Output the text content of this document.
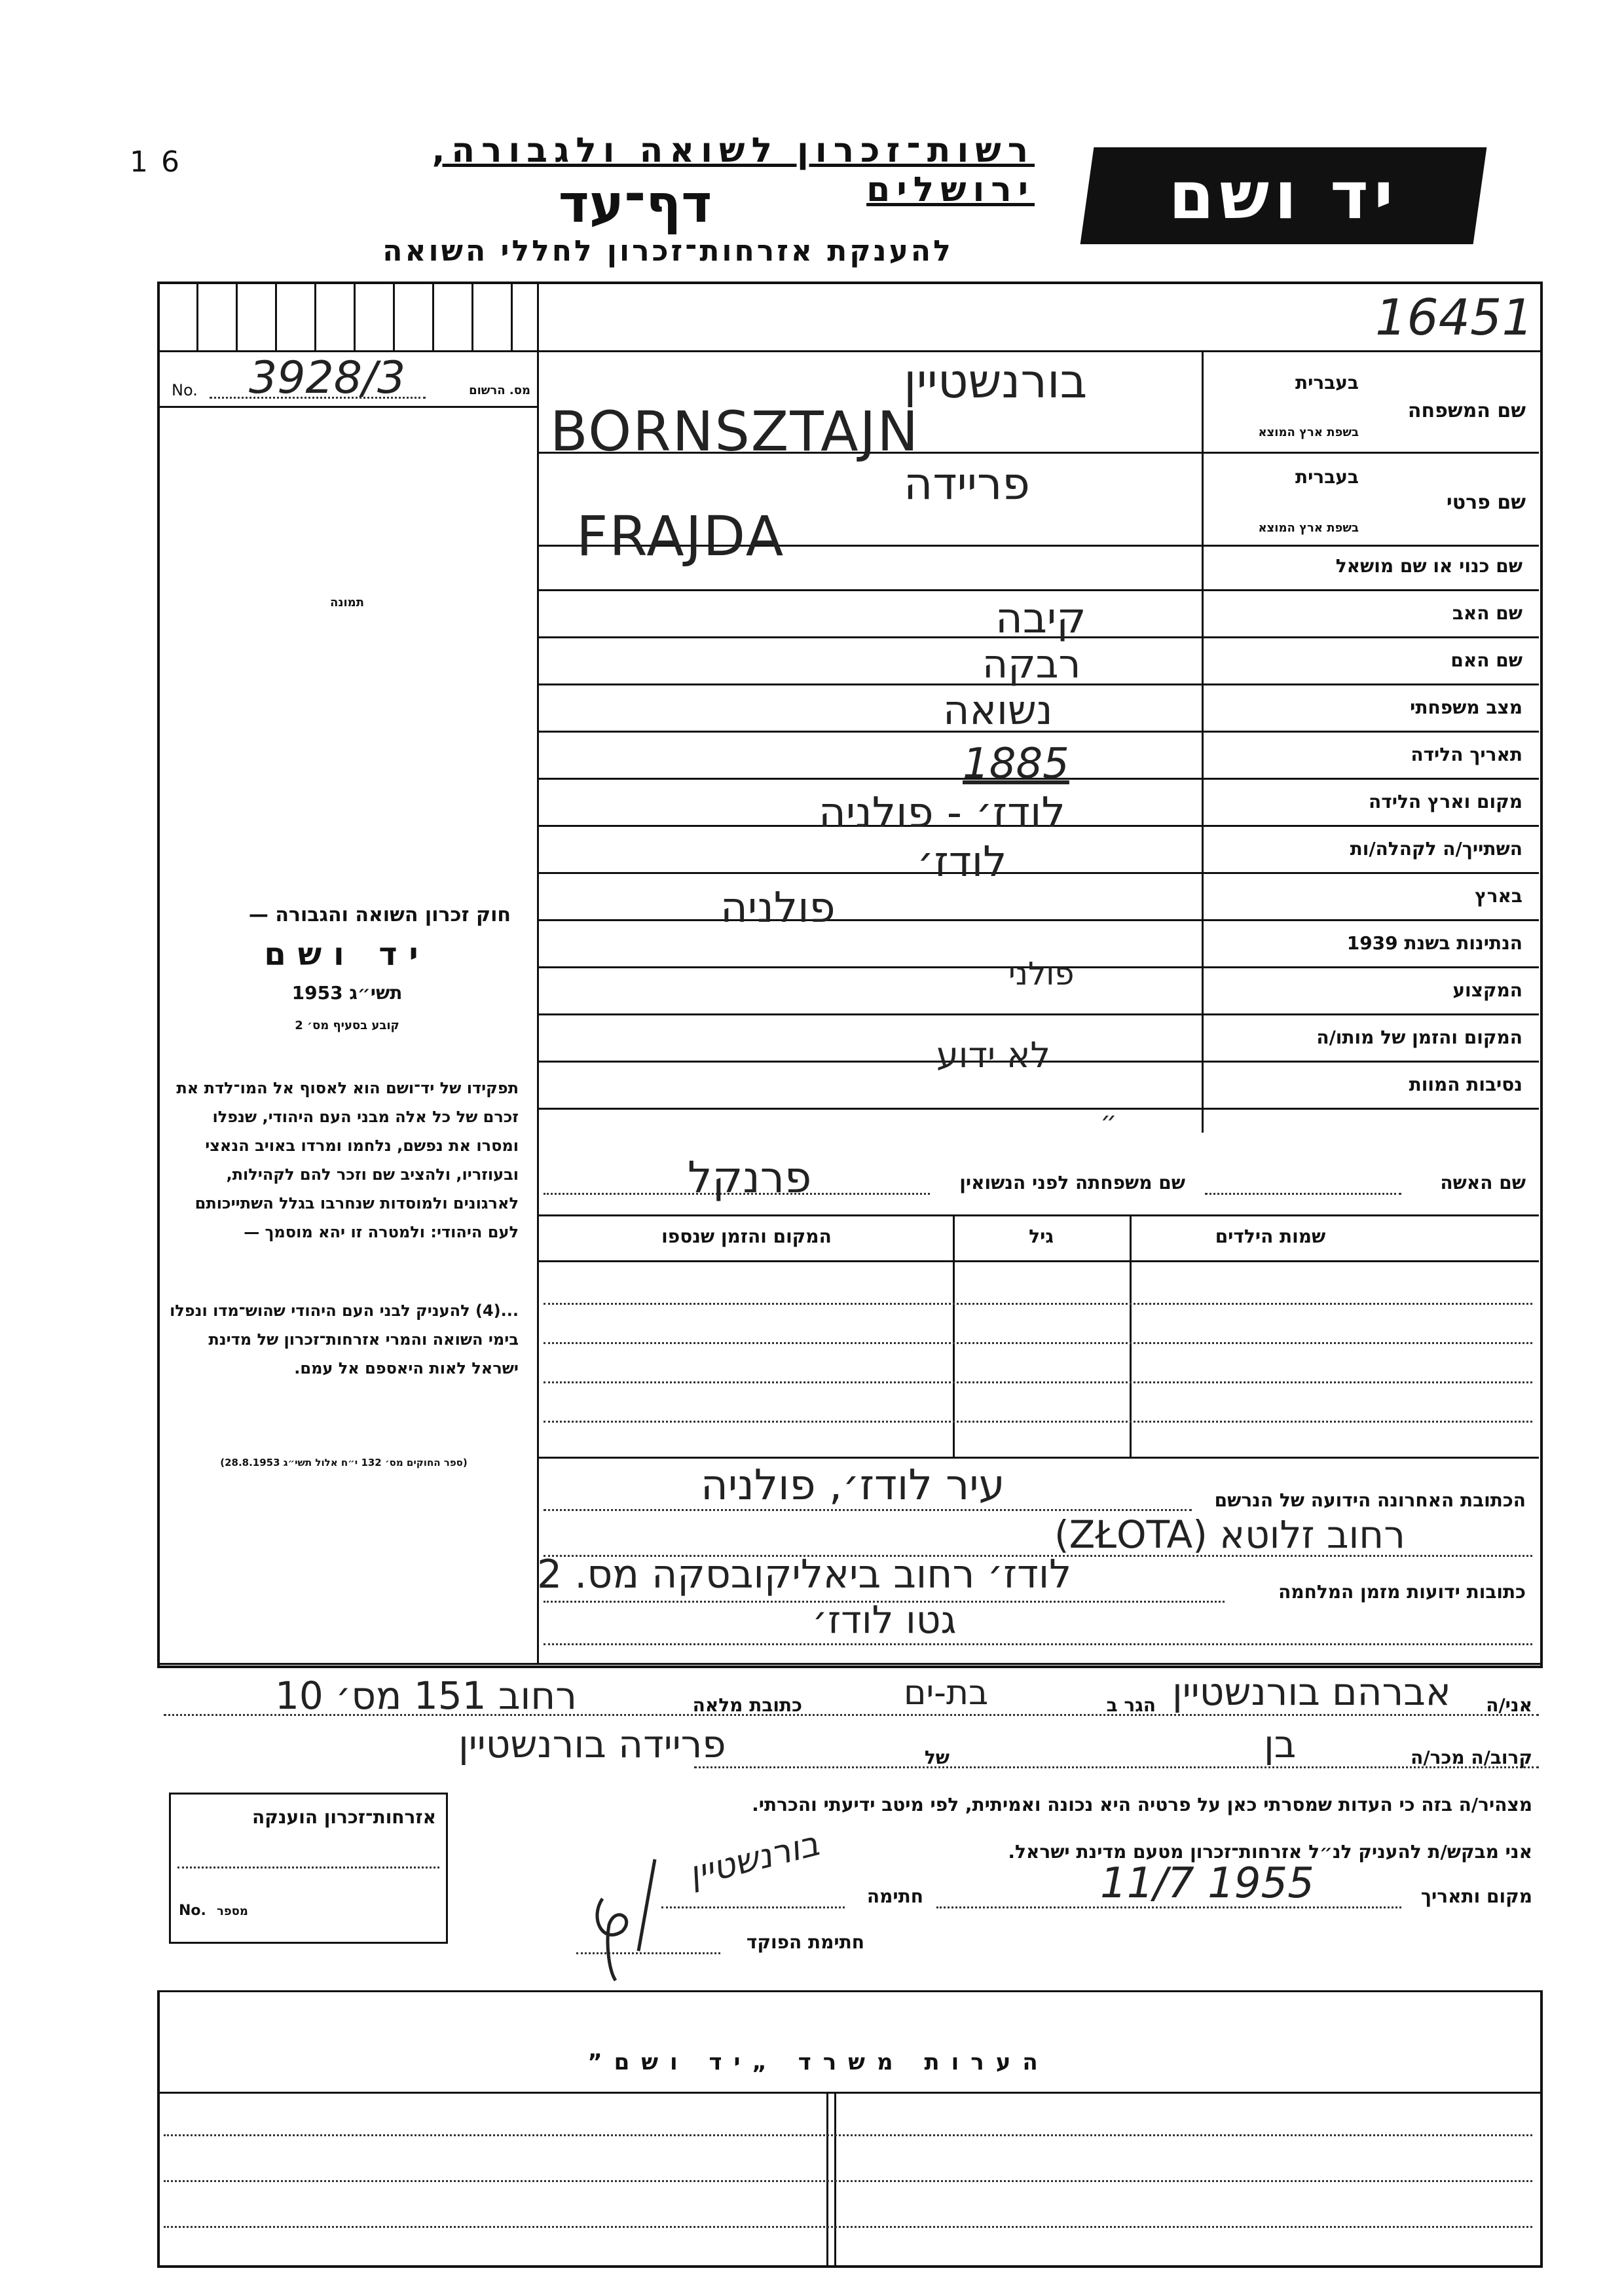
16	רשות־זכרון לשואה ולגבורה, ירושלים
דף־עד
להענקת אזרחות־זכרון לחללי השואה
יד ושם
16451
No. 3928/3	מס. הרשום
תמונה
בעברית
שם המשפחה
בשפת ארץ המוצא
בעברית
שם פרטי
בשפת ארץ המוצא
שם כנוי או שם מושאל
שם האב
שם האם
מצב משפחתי
תאריך הלידה
מקום וארץ הלידה
השתייך/ה לקהלה/ות
בארץ
הנתינות בשנת 1939
המקצוע
המקום והזמן של מותו/ה
נסיבות המוות
בורנשטיין
BORNSZTAJN
פריידה
FRAJDA
קיבה
רבקה
נשואה
1885
לודז׳ - פולניה
לודז׳
פולניה
פולני
לא ידוע
״
שם האשה
שם משפחתה לפני הנשואין
פרנקל
שמות הילדים
גיל
המקום והזמן שנספו
הכתובת האחרונה הידועה של הנרשם
עיר לודז׳, פולניה
רחוב זלוטא (ZŁOTA)
כתובות ידועות מזמן המלחמה
לודז׳ רחוב ביאליקובסקה מס. 2
גטו לודז׳
חוק זכרון השואה והגבורה —
יד ושם
תשי״ג 1953
קובע בסעיף מס׳ 2
תפקידו של יד־ושם הוא לאסוף אל המו־לדת את זכרם של כל אלה מבני העם היהודי, שנפלו ומסרו את נפשם, נלחמו ומרדו באויב הנאצי ובעוזריו, ולהציב שם וזכר להם לקהילות, לארגונים ולמוסדות שנחרבו בגלל השתייכותם לעם היהודי: ולמטרה זו יהא מוסמך —
...(4) להעניק לבני העם היהודי שהוש־מדו ונפלו בימי השואה והמרי אזרחות־זכרון של מדינת ישראל לאות היאספם אל עמם.
(ספר החוקים מס׳ 132 י״ח אלול תשי״ג 28.8.1953)
אני/ה
אברהם בורנשטיין
הגר ב
בת-ים
כתובת מלאה
רחוב 151 מס׳ 10
קרוב/ה מכר/ה
בן
של
פריידה בורנשטיין
מצהיר/ה בזה כי העדות שמסרתי כאן על פרטיה היא נכונה ואמיתית, לפי מיטב ידיעתי והכרתי.
אני מבקש/ת להעניק לנ״ל אזרחות־זכרון מטעם מדינת ישראל.
מקום ותאריך
11/7 1955
חתימה
בורנשטיין
חתימת הפוקד
אזרחות־זכרון הוענקה
No. מספר
הערות משרד „יד ושם”
